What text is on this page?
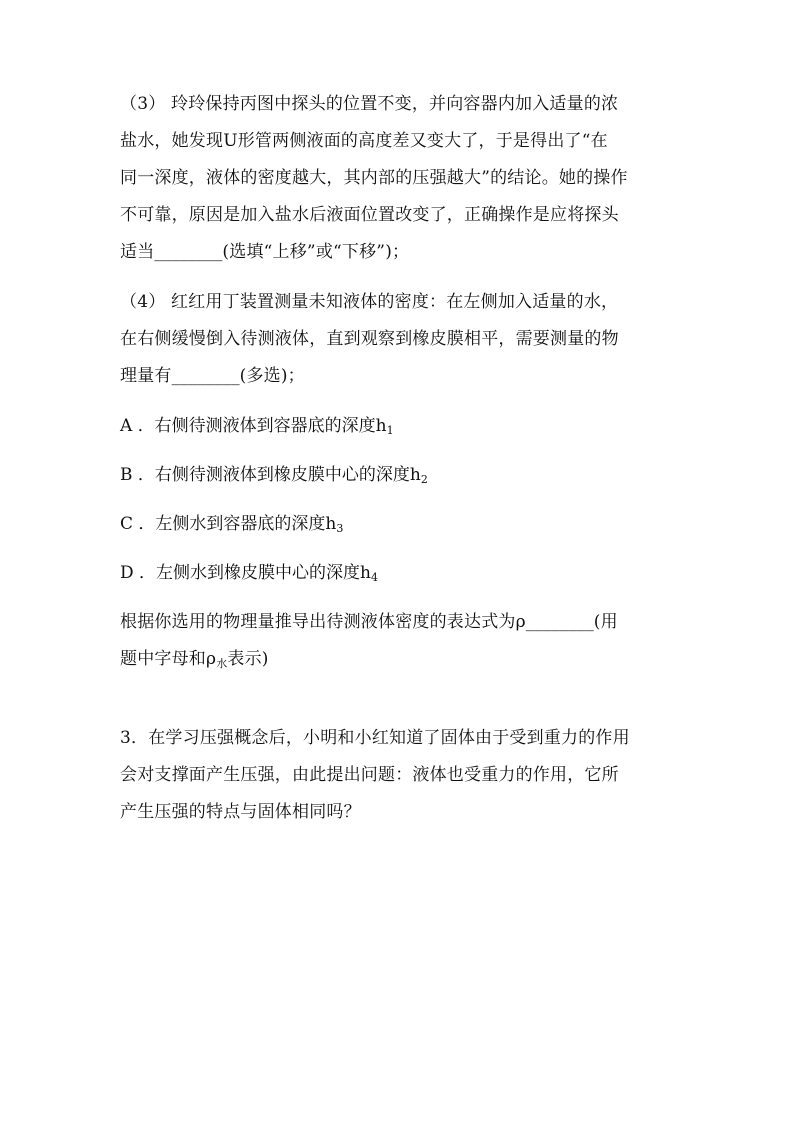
（3） 玲玲保持丙图中探头的位置不变，并向容器内加入适量的浓
盐水，她发现U形管两侧液面的高度差又变大了，于是得出了“在
同一深度，液体的密度越大，其内部的压强越大”的结论。她的操作
不可靠，原因是加入盐水后液面位置改变了，正确操作是应将探头
适当________(选填“上移”或“下移”)；
（4） 红红用丁装置测量未知液体的密度：在左侧加入适量的水，
在右侧缓慢倒入待测液体，直到观察到橡皮膜相平，需要测量的物
理量有________(多选)；
A ．右侧待测液体到容器底的深度$h_1$
B ．右侧待测液体到橡皮膜中心的深度$h_2$
C ．左侧水到容器底的深度$h_3$
D ．左侧水到橡皮膜中心的深度$h_4$
根据你选用的物理量推导出待测液体密度的表达式为ρ________(用
题中字母和$\rho_水$表示)
3．在学习压强概念后，小明和小红知道了固体由于受到重力的作用
会对支撑面产生压强，由此提出问题：液体也受重力的作用，它所
产生压强的特点与固体相同吗？
